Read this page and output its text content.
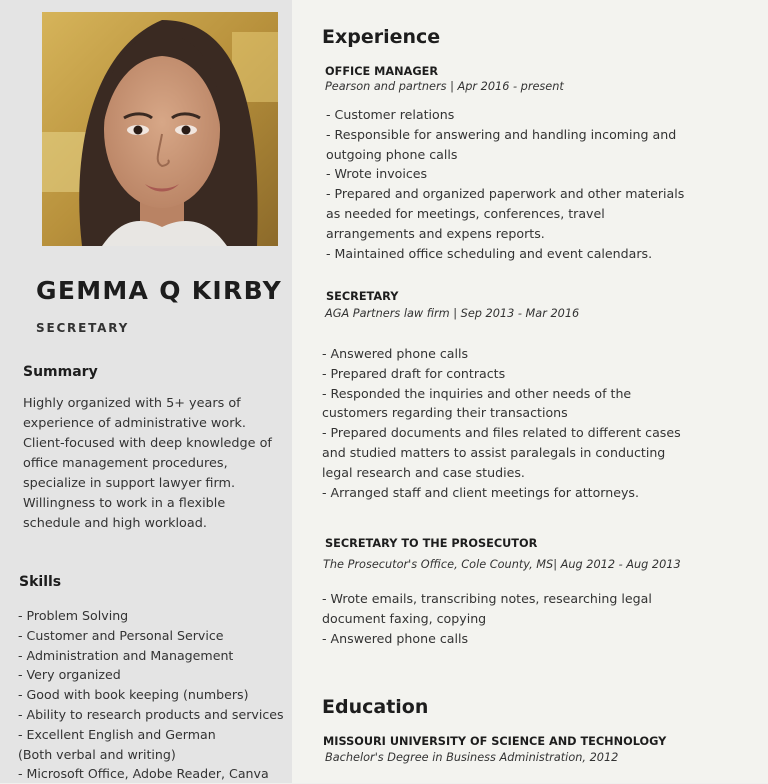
GEMMA Q KIRBY
SECRETARY
Summary
Highly organized with 5+ years of
experience of administrative work.
Client-focused with deep knowledge of
office management procedures,
specialize in support lawyer firm.
Willingness to work in a flexible
schedule and high workload.
Skills
- Problem Solving
- Customer and Personal Service
- Administration and Management
- Very organized
- Good with book keeping (numbers)
- Ability to research products and services
- Excellent English and German
(Both verbal and writing)
- Microsoft Office, Adobe Reader, Canva
Experience
OFFICE MANAGER
Pearson and partners | Apr 2016 - present
- Customer relations
- Responsible for answering and handling incoming and
outgoing phone calls
- Wrote invoices
- Prepared and organized paperwork and other materials
as needed for meetings, conferences, travel
arrangements and expens reports.
- Maintained office scheduling and event calendars.
SECRETARY
AGA Partners law firm | Sep 2013 - Mar 2016
- Answered phone calls
- Prepared draft for contracts
- Responded the inquiries and other needs of the
customers regarding their transactions
- Prepared documents and files related to different cases
and studied matters to assist paralegals in conducting
legal research and case studies.
- Arranged staff and client meetings for attorneys.
SECRETARY TO THE PROSECUTOR
The Prosecutor's Office, Cole County, MS| Aug 2012 - Aug 2013
- Wrote emails, transcribing notes, researching legal
document faxing, copying
- Answered phone calls
Education
MISSOURI UNIVERSITY OF SCIENCE AND TECHNOLOGY
Bachelor's Degree in Business Administration, 2012
